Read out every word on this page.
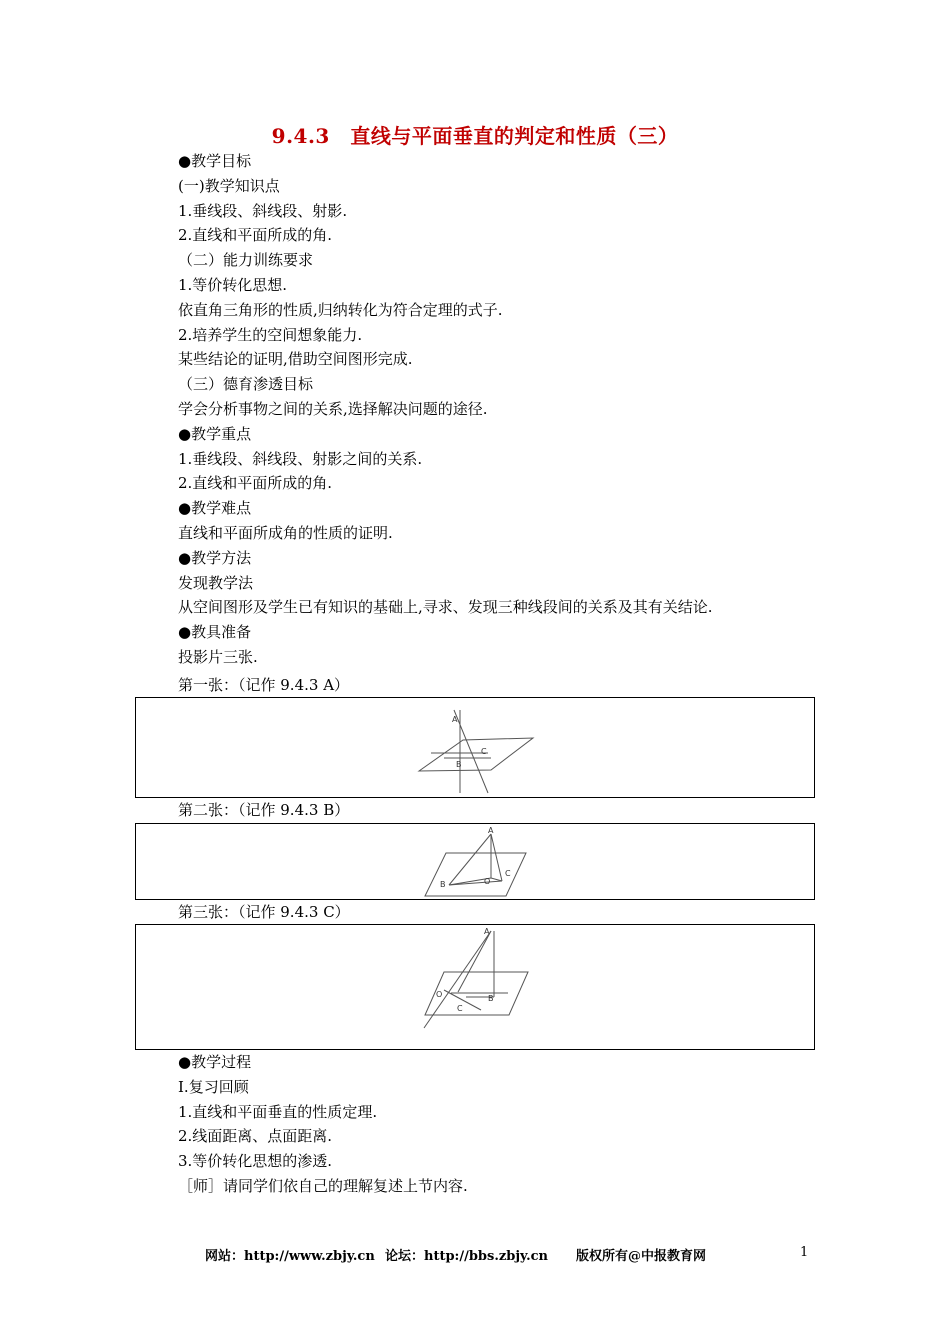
9.4.3　直线与平面垂直的判定和性质（三）
●教学目标
(一)教学知识点
1.垂线段、斜线段、射影.
2.直线和平面所成的角.
（二）能力训练要求
1.等价转化思想.
依直角三角形的性质,归纳转化为符合定理的式子.
2.培养学生的空间想象能力.
某些结论的证明,借助空间图形完成.
（三）德育渗透目标
学会分析事物之间的关系,选择解决问题的途径.
●教学重点
1.垂线段、斜线段、射影之间的关系.
2.直线和平面所成的角.
●教学难点
直线和平面所成角的性质的证明.
●教学方法
发现教学法
从空间图形及学生已有知识的基础上,寻求、发现三种线段间的关系及其有关结论.
●教具准备
投影片三张.
第一张：（记作 9.4.3 A）
A
B
C
第二张：（记作 9.4.3 B）
A
B	O
C
第三张：（记作 9.4.3 C）
A
O	B
C
●教学过程
Ⅰ.复习回顾
1.直线和平面垂直的性质定理.
2.线面距离、点面距离.
3.等价转化思想的渗透.
［师］请同学们依自己的理解复述上节内容.
网站：http://www.zbjy.cn 论坛：http://bbs.zbjy.cn 版权所有@中报教育网	1
